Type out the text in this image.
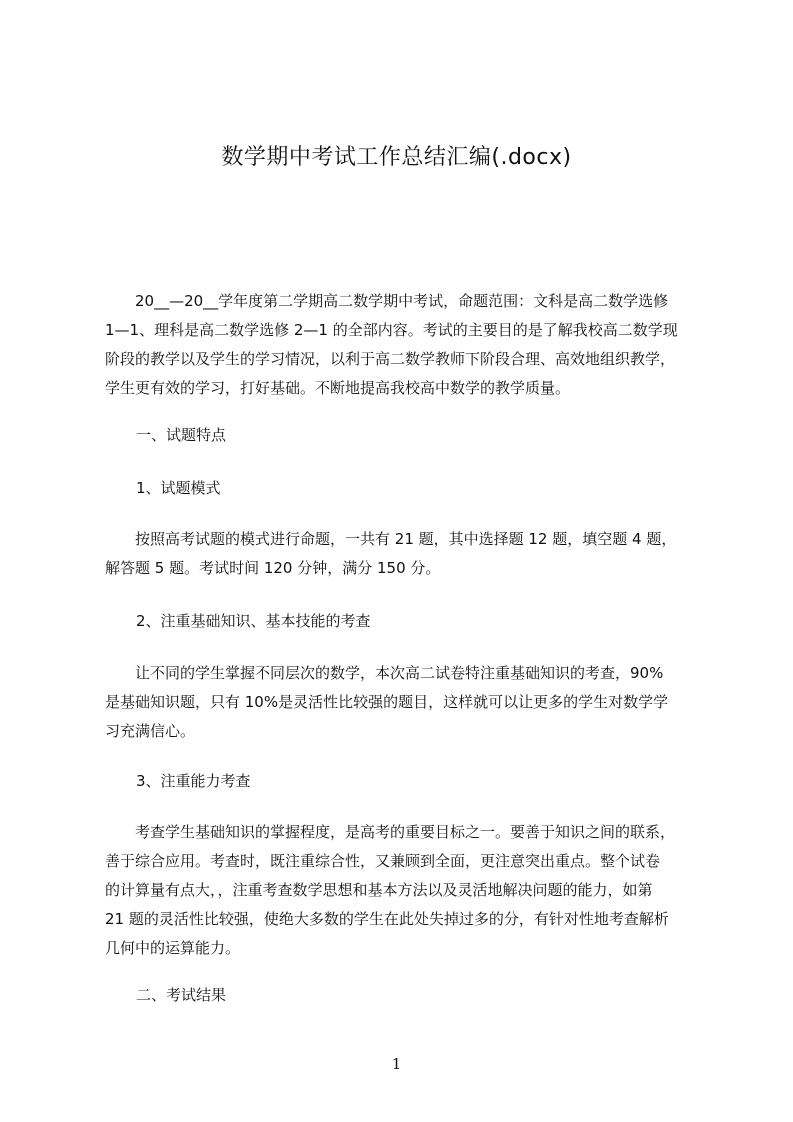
数学期中考试工作总结汇编(.docx)
　　20__—20__学年度第二学期高二数学期中考试，命题范围：文科是高二数学选修
1—1、理科是高二数学选修 2—1 的全部内容。考试的主要目的是了解我校高二数学现
阶段的教学以及学生的学习情况，以利于高二数学教师下阶段合理、高效地组织教学，
学生更有效的学习，打好基础。不断地提高我校高中数学的教学质量。
一、试题特点
1、试题模式
　　按照高考试题的模式进行命题，一共有 21 题，其中选择题 12 题，填空题 4 题，
解答题 5 题。考试时间 120 分钟，满分 150 分。
2、注重基础知识、基本技能的考查
　　让不同的学生掌握不同层次的数学，本次高二试卷特注重基础知识的考查，90%
是基础知识题，只有 10%是灵活性比较强的题目，这样就可以让更多的学生对数学学
习充满信心。
3、注重能力考查
　　考查学生基础知识的掌握程度，是高考的重要目标之一。要善于知识之间的联系，
善于综合应用。考查时，既注重综合性，又兼顾到全面，更注意突出重点。整个试卷
的计算量有点大，，注重考查数学思想和基本方法以及灵活地解决问题的能力，如第
21 题的灵活性比较强，使绝大多数的学生在此处失掉过多的分，有针对性地考查解析
几何中的运算能力。
二、考试结果
1
